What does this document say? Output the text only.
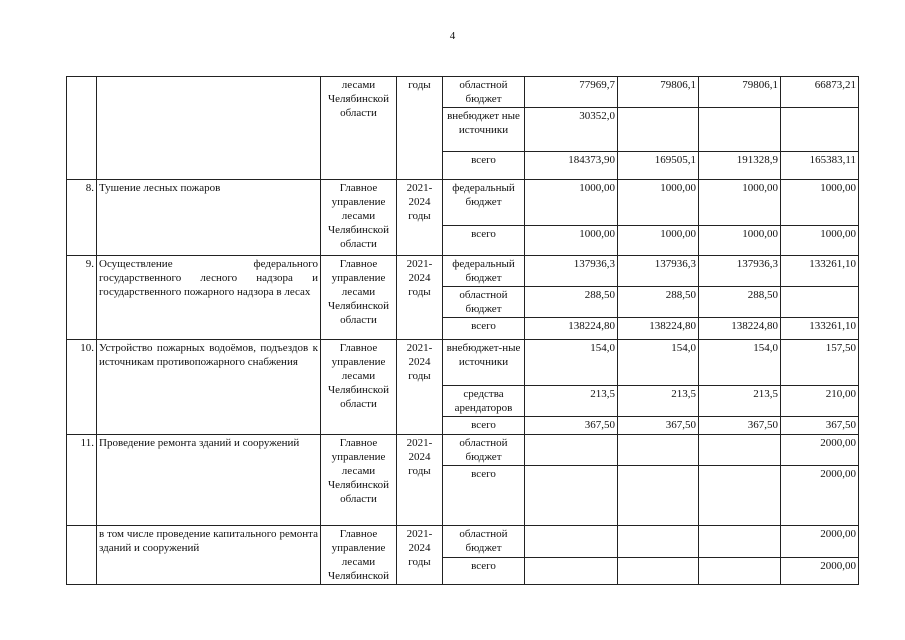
4
		лесами Челябинской области	годы	областной бюджет	77969,7	79806,1	79806,1	66873,21
				внебюджет ные источники	30352,0			
				всего	184373,90	169505,1	191328,9	165383,11
8.	Тушение лесных пожаров	Главное управление лесами Челябинской области	2021-2024 годы	федеральный бюджет	1000,00	1000,00	1000,00	1000,00
				всего	1000,00	1000,00	1000,00	1000,00
9.	Осуществление федерального государственного лесного надзора и государственного пожарного надзора в лесах	Главное управление лесами Челябинской области	2021-2024 годы	федеральный бюджет	137936,3	137936,3	137936,3	133261,10
				областной бюджет	288,50	288,50	288,50	
				всего	138224,80	138224,80	138224,80	133261,10
10.	Устройство пожарных водоёмов, подъездов к источникам противопожарного снабжения	Главное управление лесами Челябинской области	2021-2024 годы	внебюджет-ные источники	154,0	154,0	154,0	157,50
				средства арендаторов	213,5	213,5	213,5	210,00
				всего	367,50	367,50	367,50	367,50
11.	Проведение ремонта зданий и сооружений	Главное управление лесами Челябинской области	2021-2024 годы	областной бюджет				2000,00
				всего				2000,00
	в том числе проведение капитального ремонта зданий и сооружений	Главное управление лесами Челябинской	2021-2024 годы	областной бюджет				2000,00
				всего				2000,00
